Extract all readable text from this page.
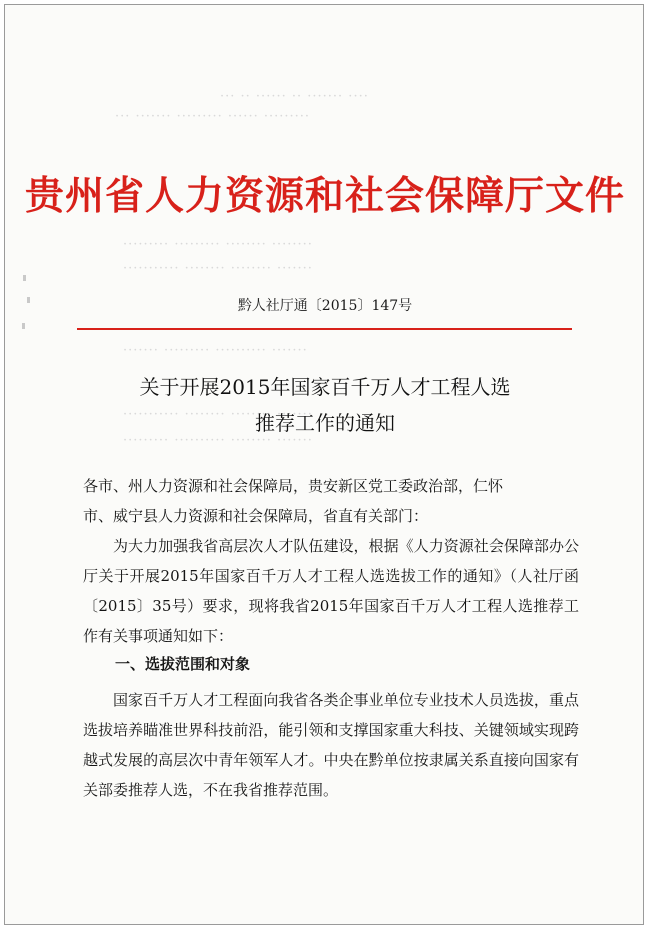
··· ·· ······ ·· ······· ····
··· ······· ········· ······ ·········
········· ········· ········ ········
··········· ········ ········ ·······
······· ········· ·········· ·······
··········· ········ ········ ·······
········· ·········· ········ ·······
贵州省人力资源和社会保障厅文件
黔人社厅通〔2015〕147号
关于开展2015年国家百千万人才工程人选
推荐工作的通知

各市、州人力资源和社会保障局，贵安新区党工委政治部，仁怀

市、威宁县人力资源和社会保障局，省直有关部门：

为大力加强我省高层次人才队伍建设，根据《人力资源社会保障部办公厅关于开展2015年国家百千万人才工程人选选拔工作的通知》（人社厅函〔2015〕35号）要求，现将我省2015年国家百千万人才工程人选推荐工作有关事项通知如下：
一、选拔范围和对象
国家百千万人才工程面向我省各类企事业单位专业技术人员选拔，重点选拔培养瞄准世界科技前沿，能引领和支撑国家重大科技、关键领域实现跨越式发展的高层次中青年领军人才。中央在黔单位按隶属关系直接向国家有关部委推荐人选，不在我省推荐范围。
